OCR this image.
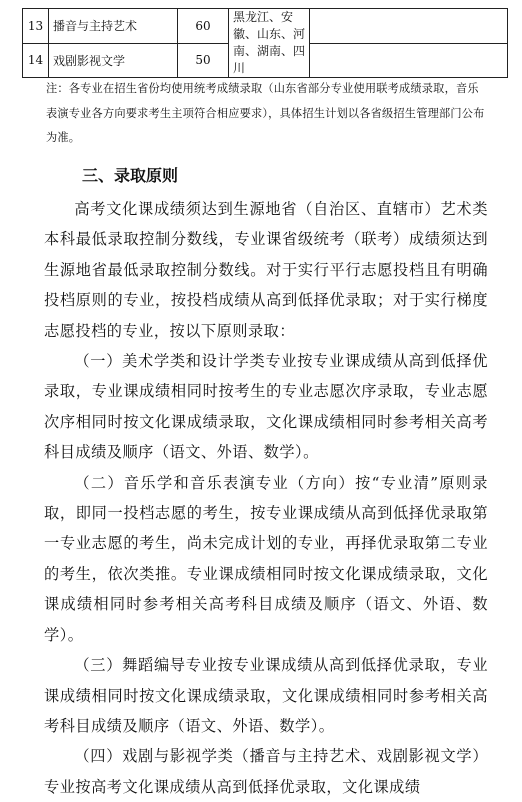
13	播音与主持艺术	60	黑龙江、安徽、山东、河南、湖南、四川	
14	戏剧影视文学	50		
注：各专业在招生省份均使用统考成绩录取（山东省部分专业使用联考成绩录取，音乐表演专业各方向要求考生主项符合相应要求），具体招生计划以各省级招生管理部门公布为准。
三、录取原则

高考文化课成绩须达到生源地省（自治区、直辖市）艺术类本科最低录取控制分数线，专业课省级统考（联考）成绩须达到生源地省最低录取控制分数线。对于实行平行志愿投档且有明确投档原则的专业，按投档成绩从高到低择优录取；对于实行梯度志愿投档的专业，按以下原则录取：

（一）美术学类和设计学类专业按专业课成绩从高到低择优录取，专业课成绩相同时按考生的专业志愿次序录取，专业志愿次序相同时按文化课成绩录取，文化课成绩相同时参考相关高考科目成绩及顺序（语文、外语、数学）。

（二）音乐学和音乐表演专业（方向）按“专业清”原则录取，即同一投档志愿的考生，按专业课成绩从高到低择优录取第一专业志愿的考生，尚未完成计划的专业，再择优录取第二专业的考生，依次类推。专业课成绩相同时按文化课成绩录取，文化课成绩相同时参考相关高考科目成绩及顺序（语文、外语、数学）。

（三）舞蹈编导专业按专业课成绩从高到低择优录取，专业课成绩相同时按文化课成绩录取，文化课成绩相同时参考相关高考科目成绩及顺序（语文、外语、数学）。

（四）戏剧与影视学类（播音与主持艺术、戏剧影视文学）专业按高考文化课成绩从高到低择优录取，文化课成绩
